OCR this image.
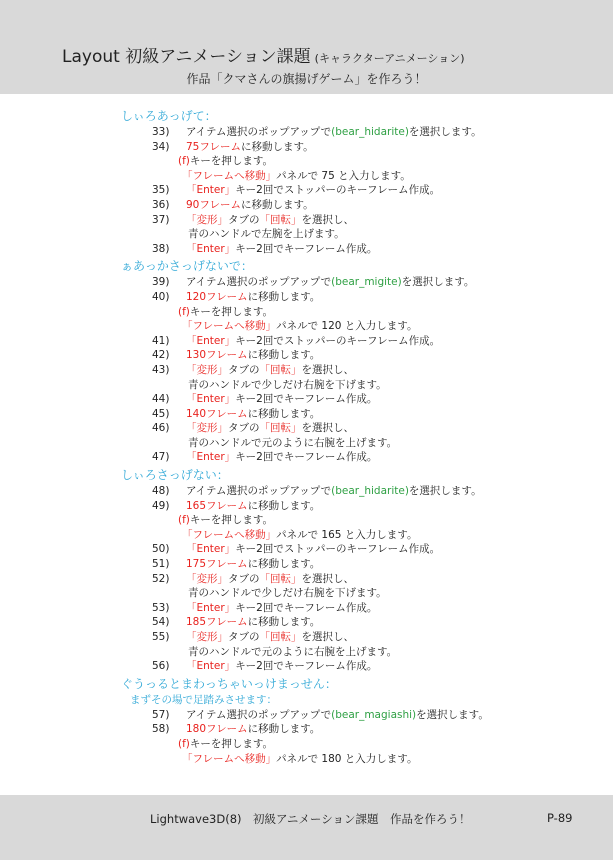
Layout 初級アニメーション課題 (キャラクターアニメーション)
作品「クマさんの旗揚げゲーム」を作ろう！
しぃろあっげて：
33)	アイテム選択のポップアップで(bear_hidarite)を選択します。
34)	75フレームに移動します。
(f)キーを押します。
「フレームへ移動」パネルで 75 と入力します。
35)	「Enter」キー2回でストッパーのキーフレーム作成。
36)	90フレームに移動します。
37)	「変形」タブの「回転」を選択し、
青のハンドルで左腕を上げます。
38)	「Enter」キー2回でキーフレーム作成。
ぁあっかさっげないで：
39)	アイテム選択のポップアップで(bear_migite)を選択します。
40)	120フレームに移動します。
(f)キーを押します。
「フレームへ移動」パネルで 120 と入力します。
41)	「Enter」キー2回でストッパーのキーフレーム作成。
42)	130フレームに移動します。
43)	「変形」タブの「回転」を選択し、
青のハンドルで少しだけ右腕を下げます。
44)	「Enter」キー2回でキーフレーム作成。
45)	140フレームに移動します。
46)	「変形」タブの「回転」を選択し、
青のハンドルで元のように右腕を上げます。
47)	「Enter」キー2回でキーフレーム作成。
しぃろさっげない：
48)	アイテム選択のポップアップで(bear_hidarite)を選択します。
49)	165フレームに移動します。
(f)キーを押します。
「フレームへ移動」パネルで 165 と入力します。
50)	「Enter」キー2回でストッパーのキーフレーム作成。
51)	175フレームに移動します。
52)	「変形」タブの「回転」を選択し、
青のハンドルで少しだけ右腕を下げます。
53)	「Enter」キー2回でキーフレーム作成。
54)	185フレームに移動します。
55)	「変形」タブの「回転」を選択し、
青のハンドルで元のように右腕を上げます。
56)	「Enter」キー2回でキーフレーム作成。
ぐうっるとまわっちゃいっけまっせん：
まずその場で足踏みさせます：
57)	アイテム選択のポップアップで(bear_magiashi)を選択します。
58)	180フレームに移動します。
(f)キーを押します。
「フレームへ移動」パネルで 180 と入力します。
Lightwave3D(8)　初級アニメーション課題　作品を作ろう！	P-89
